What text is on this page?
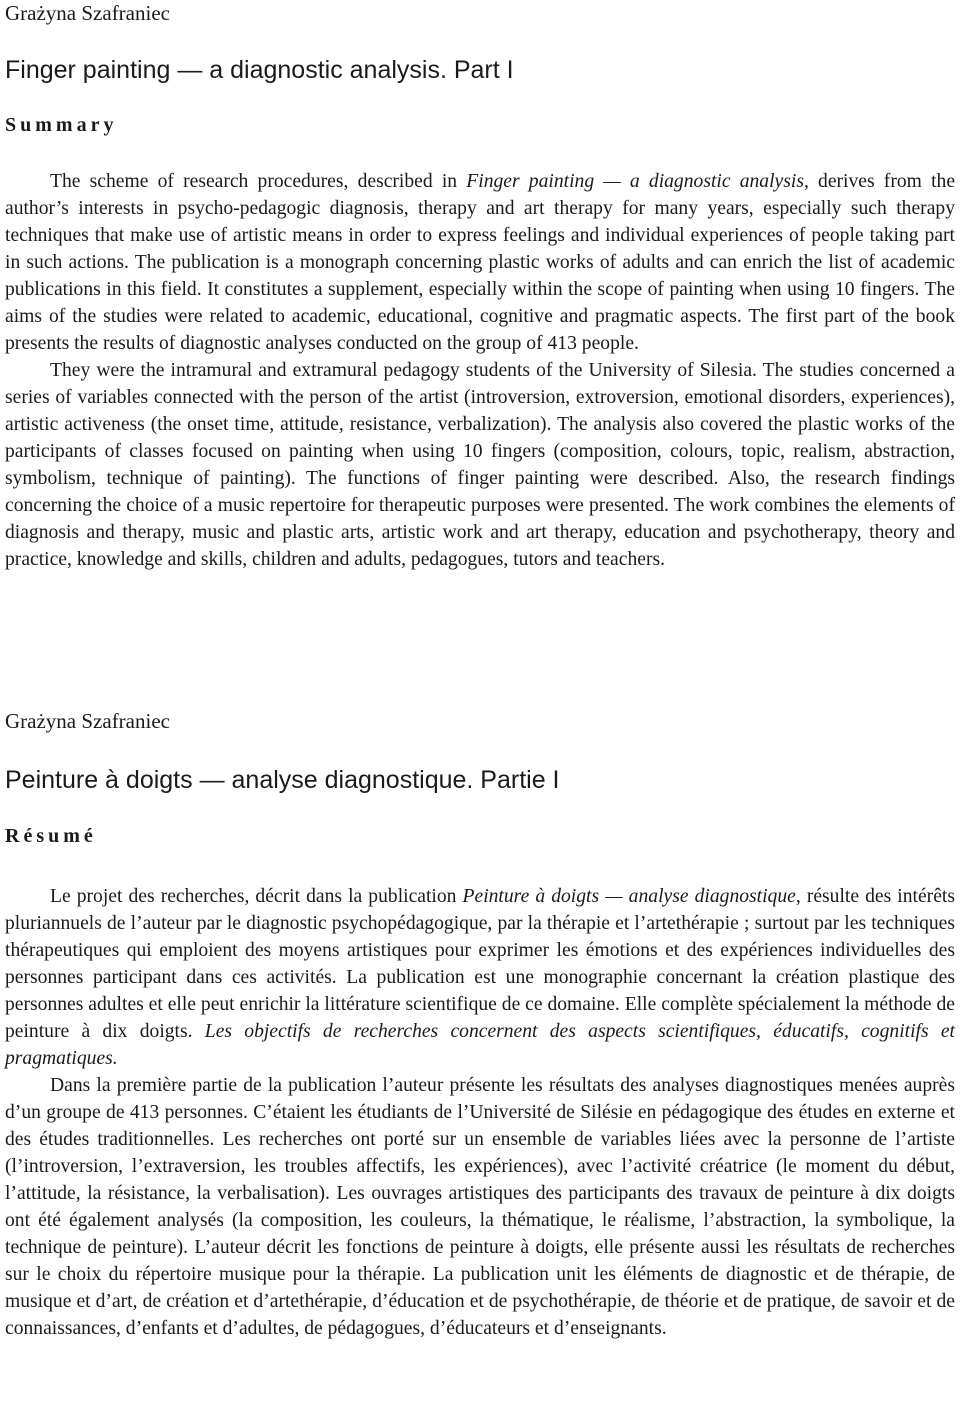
Grażyna Szafraniec

Finger painting — a diagnostic analysis. Part I
Summary

The scheme of research procedures, described in Finger painting — a diagnostic analysis, derives from the author’s interests in psycho-pedagogic diagnosis, therapy and art therapy for many years, especially such therapy techniques that make use of artistic means in order to express feelings and individual experiences of people taking part in such actions. The publication is a monograph concerning plastic works of adults and can enrich the list of academic publications in this field. It constitutes a supplement, especially within the scope of painting when using 10 fingers. The aims of the studies were related to academic, educational, cognitive and pragmatic aspects. The first part of the book presents the results of diagnostic analyses conducted on the group of 413 people.

They were the intramural and extramural pedagogy students of the University of Silesia. The studies concerned a series of variables connected with the person of the artist (introversion, extroversion, emotional disorders, experiences), artistic activeness (the onset time, attitude, resistance, verbalization). The analysis also covered the plastic works of the participants of classes focused on painting when using 10 fingers (composition, colours, topic, realism, abstraction, symbolism, technique of painting). The functions of finger painting were described. Also, the research findings concerning the choice of a music repertoire for therapeutic purposes were presented. The work combines the elements of diagnosis and therapy, music and plastic arts, artistic work and art therapy, education and psychotherapy, theory and practice, knowledge and skills, children and adults, pedagogues, tutors and teachers.

Grażyna Szafraniec

Peinture à doigts — analyse diagnostique. Partie I
Résumé

Le projet des recherches, décrit dans la publication Peinture à doigts — analyse diagnostique, résulte des intérêts pluriannuels de l’auteur par le diagnostic psychopédagogique, par la thérapie et l’artethérapie ; surtout par les techniques thérapeutiques qui emploient des moyens artistiques pour exprimer les émotions et des expériences individuelles des personnes participant dans ces activités. La publication est une monographie concernant la création plastique des personnes adultes et elle peut enrichir la littérature scientifique de ce domaine. Elle complète spécialement la méthode de peinture à dix doigts. Les objectifs de recherches concernent des aspects scientifiques, éducatifs, cognitifs et pragmatiques.

Dans la première partie de la publication l’auteur présente les résultats des analyses diagnostiques menées auprès d’un groupe de 413 personnes. C’étaient les étudiants de l’Université de Silésie en pédagogique des études en externe et des études traditionnelles. Les recherches ont porté sur un ensemble de variables liées avec la personne de l’artiste (l’introversion, l’extraversion, les troubles affectifs, les expériences), avec l’activité créatrice (le moment du début, l’attitude, la résistance, la verbalisation). Les ouvrages artistiques des participants des travaux de peinture à dix doigts ont été également analysés (la composition, les couleurs, la thématique, le réalisme, l’abstraction, la symbolique, la technique de peinture). L’auteur décrit les fonctions de peinture à doigts, elle présente aussi les résultats de recherches sur le choix du répertoire musique pour la thérapie. La publication unit les éléments de diagnostic et de thérapie, de musique et d’art, de création et d’artethérapie, d’éducation et de psychothérapie, de théorie et de pratique, de savoir et de connaissances, d’enfants et d’adultes, de pédagogues, d’éducateurs et d’enseignants.
